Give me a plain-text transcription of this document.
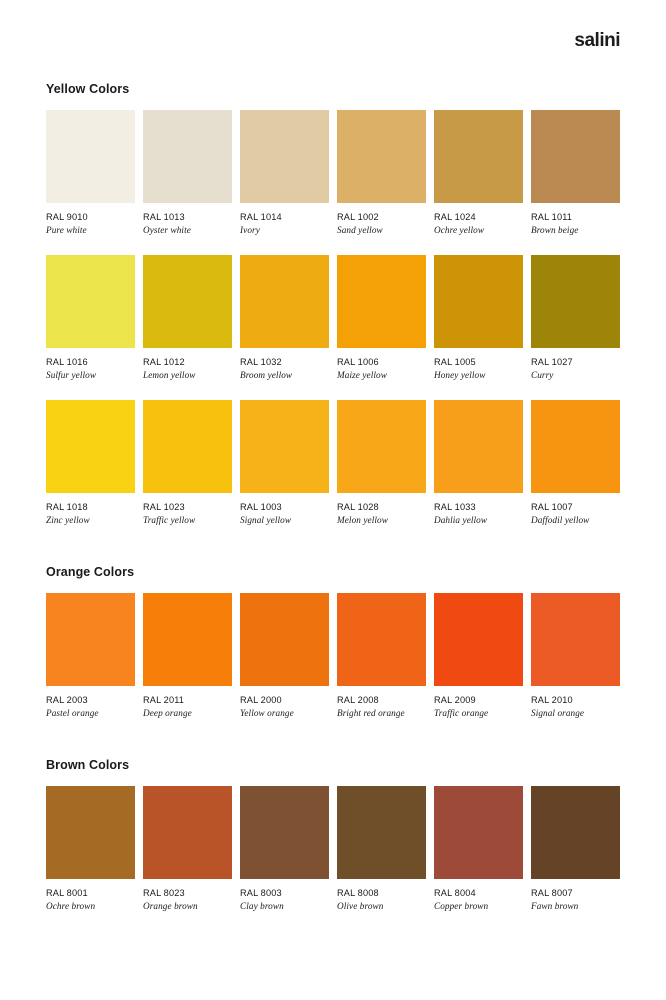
salini
Yellow Colors
RAL 9010
Pure white
RAL 1013
Oyster white
RAL 1014
Ivory
RAL 1002
Sand yellow
RAL 1024
Ochre yellow
RAL 1011
Brown beige
RAL 1016
Sulfur yellow
RAL 1012
Lemon yellow
RAL 1032
Broom yellow
RAL 1006
Maize yellow
RAL 1005
Honey yellow
RAL 1027
Curry
RAL 1018
Zinc yellow
RAL 1023
Traffic yellow
RAL 1003
Signal yellow
RAL 1028
Melon yellow
RAL 1033
Dahlia yellow
RAL 1007
Daffodil yellow
Orange Colors
RAL 2003
Pastel orange
RAL 2011
Deep orange
RAL 2000
Yellow orange
RAL 2008
Bright red orange
RAL 2009
Traffic orange
RAL 2010
Signal orange
Brown Colors
RAL 8001
Ochre brown
RAL 8023
Orange brown
RAL 8003
Clay brown
RAL 8008
Olive brown
RAL 8004
Copper brown
RAL 8007
Fawn brown
